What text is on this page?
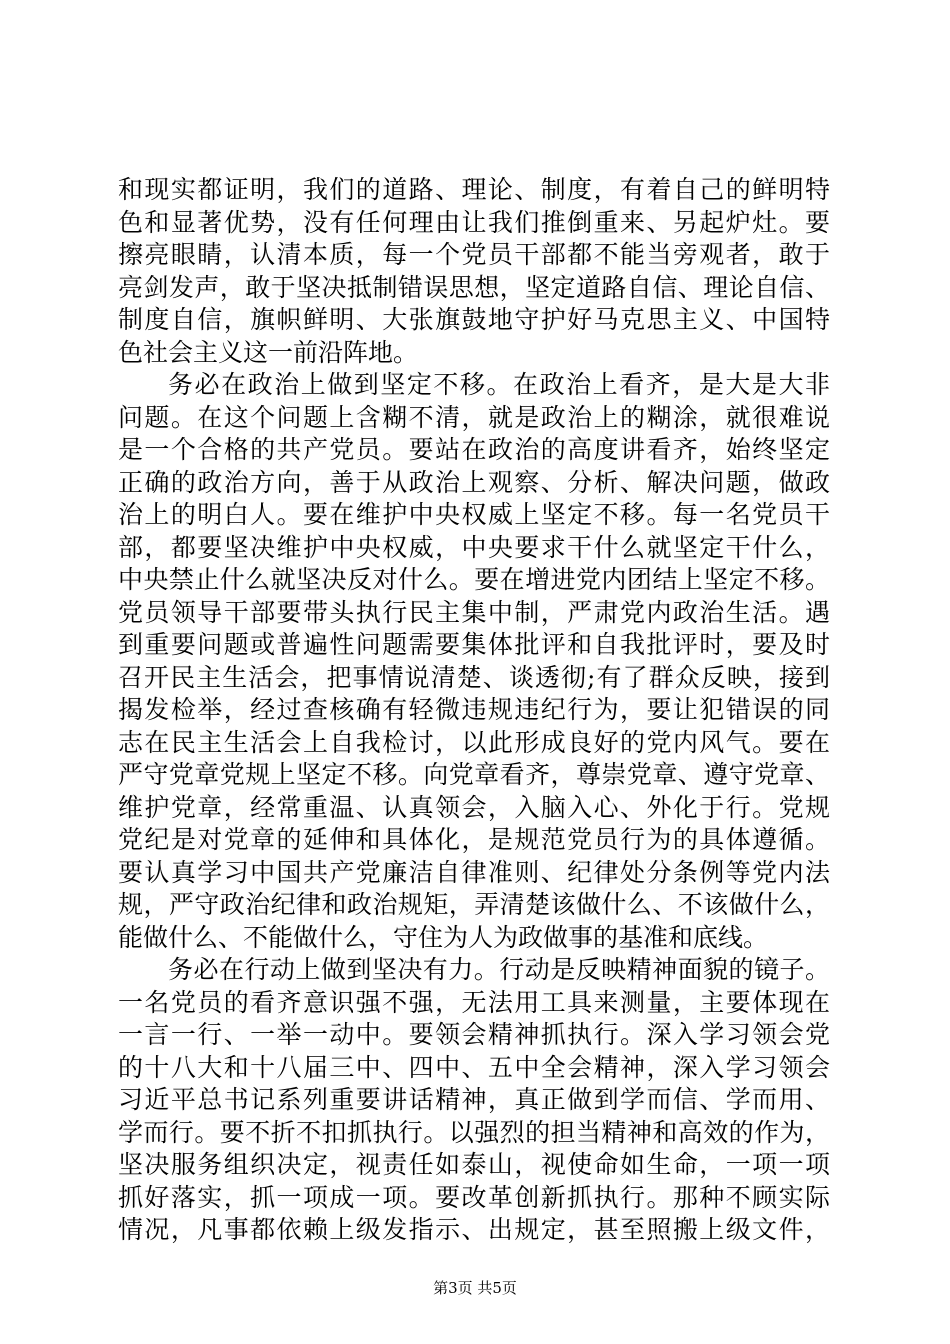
和现实都证明，我们的道路、理论、制度，有着自己的鲜明特
色和显著优势，没有任何理由让我们推倒重来、另起炉灶。要
擦亮眼睛，认清本质，每一个党员干部都不能当旁观者，敢于
亮剑发声，敢于坚决抵制错误思想，坚定道路自信、理论自信、
制度自信，旗帜鲜明、大张旗鼓地守护好马克思主义、中国特
色社会主义这一前沿阵地。
务必在政治上做到坚定不移。在政治上看齐，是大是大非
问题。在这个问题上含糊不清，就是政治上的糊涂，就很难说
是一个合格的共产党员。要站在政治的高度讲看齐，始终坚定
正确的政治方向，善于从政治上观察、分析、解决问题，做政
治上的明白人。要在维护中央权威上坚定不移。每一名党员干
部，都要坚决维护中央权威，中央要求干什么就坚定干什么，
中央禁止什么就坚决反对什么。要在增进党内团结上坚定不移。
党员领导干部要带头执行民主集中制，严肃党内政治生活。遇
到重要问题或普遍性问题需要集体批评和自我批评时，要及时
召开民主生活会，把事情说清楚、谈透彻;有了群众反映，接到
揭发检举，经过查核确有轻微违规违纪行为，要让犯错误的同
志在民主生活会上自我检讨，以此形成良好的党内风气。要在
严守党章党规上坚定不移。向党章看齐，尊崇党章、遵守党章、
维护党章，经常重温、认真领会，入脑入心、外化于行。党规
党纪是对党章的延伸和具体化，是规范党员行为的具体遵循。
要认真学习中国共产党廉洁自律准则、纪律处分条例等党内法
规，严守政治纪律和政治规矩，弄清楚该做什么、不该做什么，
能做什么、不能做什么，守住为人为政做事的基准和底线。
务必在行动上做到坚决有力。行动是反映精神面貌的镜子。
一名党员的看齐意识强不强，无法用工具来测量，主要体现在
一言一行、一举一动中。要领会精神抓执行。深入学习领会党
的十八大和十八届三中、四中、五中全会精神，深入学习领会
习近平总书记系列重要讲话精神，真正做到学而信、学而用、
学而行。要不折不扣抓执行。以强烈的担当精神和高效的作为，
坚决服务组织决定，视责任如泰山，视使命如生命，一项一项
抓好落实，抓一项成一项。要改革创新抓执行。那种不顾实际
情况，凡事都依赖上级发指示、出规定，甚至照搬上级文件，
第3页 共5页
